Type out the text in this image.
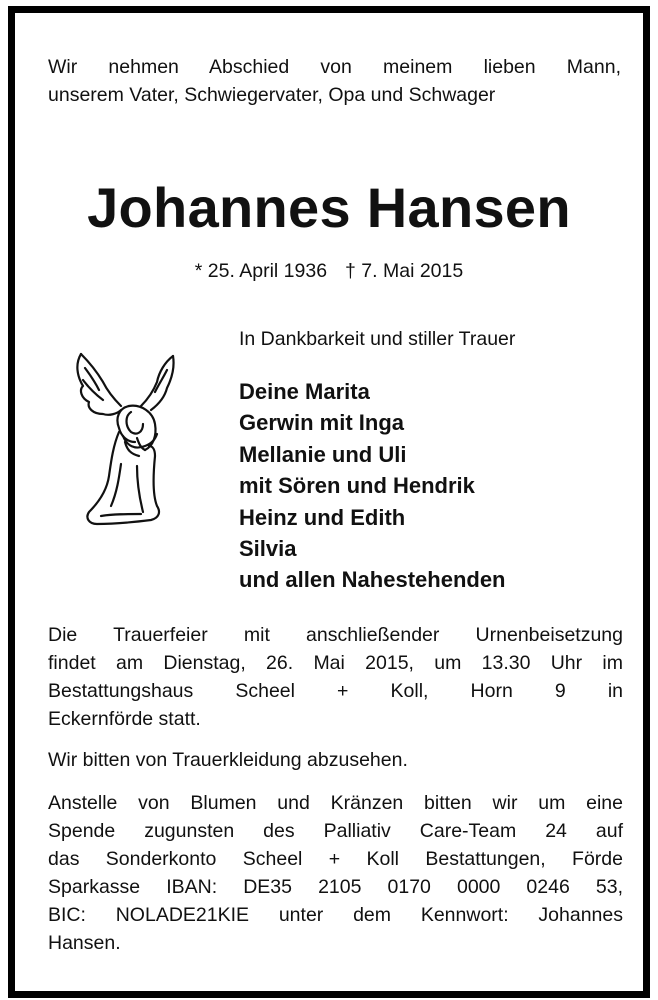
Wir nehmen Abschied von meinem lieben Mann,
unserem Vater, Schwiegervater, Opa und Schwager
Johannes Hansen
* 25. April 1936 † 7. Mai 2015
In Dankbarkeit und stiller Trauer
Deine Marita
Gerwin mit Inga
Mellanie und Uli
mit Sören und Hendrik
Heinz und Edith
Silvia
und allen Nahestehenden
Die Trauerfeier mit anschließender Urnenbeisetzung
findet am Dienstag, 26. Mai 2015, um 13.30 Uhr im
Bestattungshaus Scheel + Koll, Horn 9 in
Eckernförde statt.
Wir bitten von Trauerkleidung abzusehen.
Anstelle von Blumen und Kränzen bitten wir um eine
Spende zugunsten des Palliativ Care-Team 24 auf
das Sonderkonto Scheel + Koll Bestattungen, Förde
Sparkasse IBAN: DE35 2105 0170 0000 0246 53,
BIC: NOLADE21KIE unter dem Kennwort: Johannes
Hansen.
